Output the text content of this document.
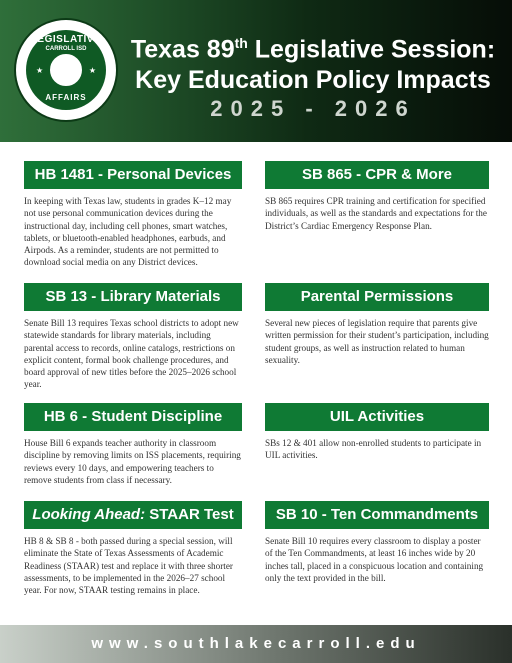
LEGISLATIVE
CARROLL ISD
★	★
AFFAIRS
Texas 89th Legislative Session:
Key Education Policy Impacts
2025 - 2026
HB 1481 - Personal Devices
In keeping with Texas law, students in grades K–12 may not use personal communication devices during the instructional day, including cell phones, smart watches, tablets, or bluetooth-enabled headphones, earbuds, and Airpods. As a reminder, students are not permitted to download social media on any District devices.
SB 13 - Library Materials
Senate Bill 13 requires Texas school districts to adopt new statewide standards for library materials, including parental access to records, online catalogs, restrictions on explicit content, formal book challenge procedures, and board approval of new titles before the 2025–2026 school year.
HB 6 - Student Discipline
House Bill 6 expands teacher authority in classroom discipline by removing limits on ISS placements, requiring reviews every 10 days, and empowering teachers to remove students from class if necessary.
Looking Ahead: STAAR Test
HB 8 & SB 8 - both passed during a special session, will eliminate the State of Texas Assessments of Academic Readiness (STAAR) test and replace it with three shorter assessments, to be implemented in the 2026–27 school year. For now, STAAR testing remains in place.
SB 865 - CPR & More
SB 865 requires CPR training and certification for specified individuals, as well as the standards and expectations for the District’s Cardiac Emergency Response Plan.
Parental Permissions
Several new pieces of legislation require that parents give written permission for their student’s participation, including student groups, as well as instruction related to human sexuality.
UIL Activities
SBs 12 & 401 allow non-enrolled students to participate in UIL activities.
SB 10 - Ten Commandments
Senate Bill 10 requires every classroom to display a poster of the Ten Commandments, at least 16 inches wide by 20 inches tall, placed in a conspicuous location and containing only the text provided in the bill.
www.southlakecarroll.edu
